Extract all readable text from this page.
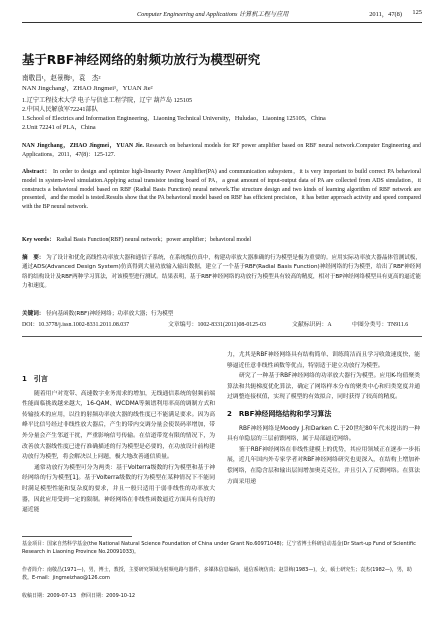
Computer Engineering and Applications 计算机工程与应用	2011，47(8) 125
基于RBF神经网络的射频功放行为模型研究
南敬昌¹，赵景梅¹，袁　杰²
NAN Jingchang¹，ZHAO Jingmei¹，YUAN Jie²
1.辽宁工程技术大学 电子与信息工程学院，辽宁 葫芦岛 125105
2.中国人民解放军72241部队
1.School of Electrics and Information Engineering，Liaoning Technical University，Huludao，Liaoning 125105，China
2.Unit 72241 of PLA，China
NAN Jingchang，ZHAO Jingmei，YUAN Jie. Research on behavioral models for RF power amplifier based on RBF neural network.Computer Engineering and Applications，2011，47(8)：125-127.
Abstract： In order to design and optimize high-linearity Power Amplifier(PA) and communication subsystem，it is very important to build correct PA behavioral model in system-level simulation.Applying actual transistor testing board of PA，a great amount of input-output data of PA are collected from ADS simulation，it constructs a behavioral model based on RBF (Radial Basis Function) neural network.The structure design and two kinds of learning algorithm of RBF network are presented，and the model is tested.Results show that the PA behavioral model based on RBF has efficient precision，it has better approach activity and speed compared with the BP neural network.
Key words： Radial Basis Function(RBF) neural network；power amplifier；behavioral model
摘　要： 为了设计和优化高线性功率放大器和通信子系统，在系统级仿真中，构建功率放大器准确的行为模型是极为重要的。应用实际功率放大器晶体管测试板，通过ADS(Advanced Design System)仿真得到大量功放输入输出数据，建立了一个基于RBF(Radial Basis Function)神经网络的行为模型，给出了RBF神经网络的结构设计及RBF两种学习算法，对该模型进行测试。结果表明，基于RBF神经网络的功放行为模型具有较高的精度，相对于BP神经网络模型具有更高的逼近能力和速度。
关键词： 径向基函数(RBF)神经网络；功率放大器；行为模型
DOI：10.3778/j.issn.1002-8331.2011.08.037	文章编号：1002-8331(2011)08-0125-03	文献标识码：A	中图分类号：TN911.6
1　引言

随着用户对宽带、高速数字业务需求的增加，无线通信系统的射频前端性能面临挑战越来越大，16-QAM、WCDMA等频谱利用率高的调制方式和传输技术的应用，以往的射频功率放大器的线性度已不能满足要求。因为高峰平比信号经过非线性放大器后，产生的带内交调分量会使误码率增加，带外分量会产生邻道干扰，严重影响信号传输。在信道带宽有限的情况下，为改善放大器线性度已进行准确描述的行为模型是必要的，在功放设计前构建功放行为模型，将会解决以上问题，极大地改善通信质量。

通常功放行为模型可分为两类：基于Volterra级数的行为模型和基于神经网络的行为模型[1]。基于Volterra级数的行为模型在某种情况下不能同时满足模型性能和复杂度的要求，并且一般只适用于弱非线性的功率放大器，因此应用受到一定的限制。神经网络在非线性函数逼近方面具有良好的逼近能

力，尤其是RBF神经网络具有结构简单、训练简洁而且学习收敛速度快，能够逼近任意非线性函数等优点，特别适于建立功放行为模型。

研究了一种基于RBF神经网络的功率放大器行为模型。应用K-均值聚类算法和共轭梯度优化算法，确定了网络样本分布的聚类中心和归类宽度并通过调整连接权值，实现了模型的有效拟合，同时获得了较高的精度。

2　RBF神经网络结构和学习算法

RBF神经网络是Moody J.和Darken C.于20世纪80年代末提出的一种具有单隐层的三层前馈网络，属于局部逼近网络。

鉴于RBF神经网络在非线性建模上的优势，其应用领域正在逐步一步拓展，近几年国内外专家学者对RBF神经网络研究也更深入，在结构上增加补偿网络，在隐含层和输出层间增加奥克克位，并且引入了反馈网络。在算法方面采用递

基金项目：国家自然科学基金(the National Natural Science Foundation of China under Grant No.60971048)；辽宁省博士科研启动基金(Dr Start-up Fund of Scientific Research in Liaoning Province No.20091033)。
作者简介：南敬昌(1971—)，男，博士，教授，主要研究领域为射频电路与器件，多媒体信息编码，通信系统仿真；赵景梅(1983—)，女，硕士研究生；袁杰(1982—)，男，助教。E-mail：jingmeizhao@126.com
收稿日期：2009-07-13　修回日期：2009-10-12
